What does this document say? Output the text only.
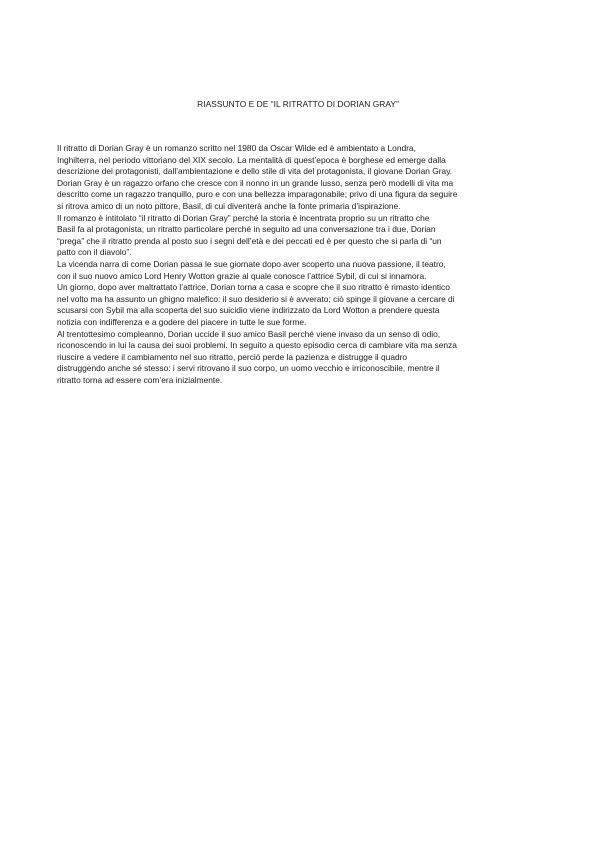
RIASSUNTO E DE “IL RITRATTO DI DORIAN GRAY”
Il ritratto di Dorian Gray è un romanzo scritto nel 1980 da Oscar Wilde ed è ambientato a Londra,
Inghilterra, nel periodo vittoriano del XIX secolo. La mentalità di quest’epoca è borghese ed emerge dalla
descrizione dei protagonisti, dall’ambientazione e dello stile di vita del protagonista, il giovane Dorian Gray.
Dorian Gray è un ragazzo orfano che cresce con il nonno in un grande lusso, senza però modelli di vita ma
descritto come un ragazzo tranquillo, puro e con una bellezza imparagonabile; privo di una figura da seguire
si ritrova amico di un noto pittore, Basil, di cui diventerà anche la fonte primaria d’ispirazione.
Il romanzo è intitolato “il ritratto di Dorian Gray” perché la storia è incentrata proprio su un ritratto che
Basil fa al protagonista, un ritratto particolare perché in seguito ad una conversazione tra i due, Dorian
“prega” che il ritratto prenda al posto suo i segni dell’età e dei peccati ed è per questo che si parla di “un
patto con il diavolo”.
La vicenda narra di come Dorian passa le sue giornate dopo aver scoperto una nuova passione, il teatro,
con il suo nuovo amico Lord Henry Wotton grazie al quale conosce l’attrice Sybil, di cui si innamora.
Un giorno, dopo aver maltrattato l’attrice, Dorian torna a casa e scopre che il suo ritratto è rimasto identico
nel volto ma ha assunto un ghigno malefico: il suo desiderio si è avverato; ciò spinge il giovane a cercare di
scusarsi con Sybil ma alla scoperta del suo suicidio viene indirizzato da Lord Wotton a prendere questa
notizia con indifferenza e a godere del piacere in tutte le sue forme.
Al trentottesimo compleanno, Dorian uccide il suo amico Basil perché viene invaso da un senso di odio,
riconoscendo in lui la causa dei suoi problemi. In seguito a questo episodio cerca di cambiare vita ma senza
riuscire a vedere il cambiamento nel suo ritratto, perciò perde la pazienza e distrugge il quadro
distruggendo anche sé stesso: i servi ritrovano il suo corpo, un uomo vecchio e irriconoscibile, mentre il
ritratto torna ad essere com’era inizialmente.
